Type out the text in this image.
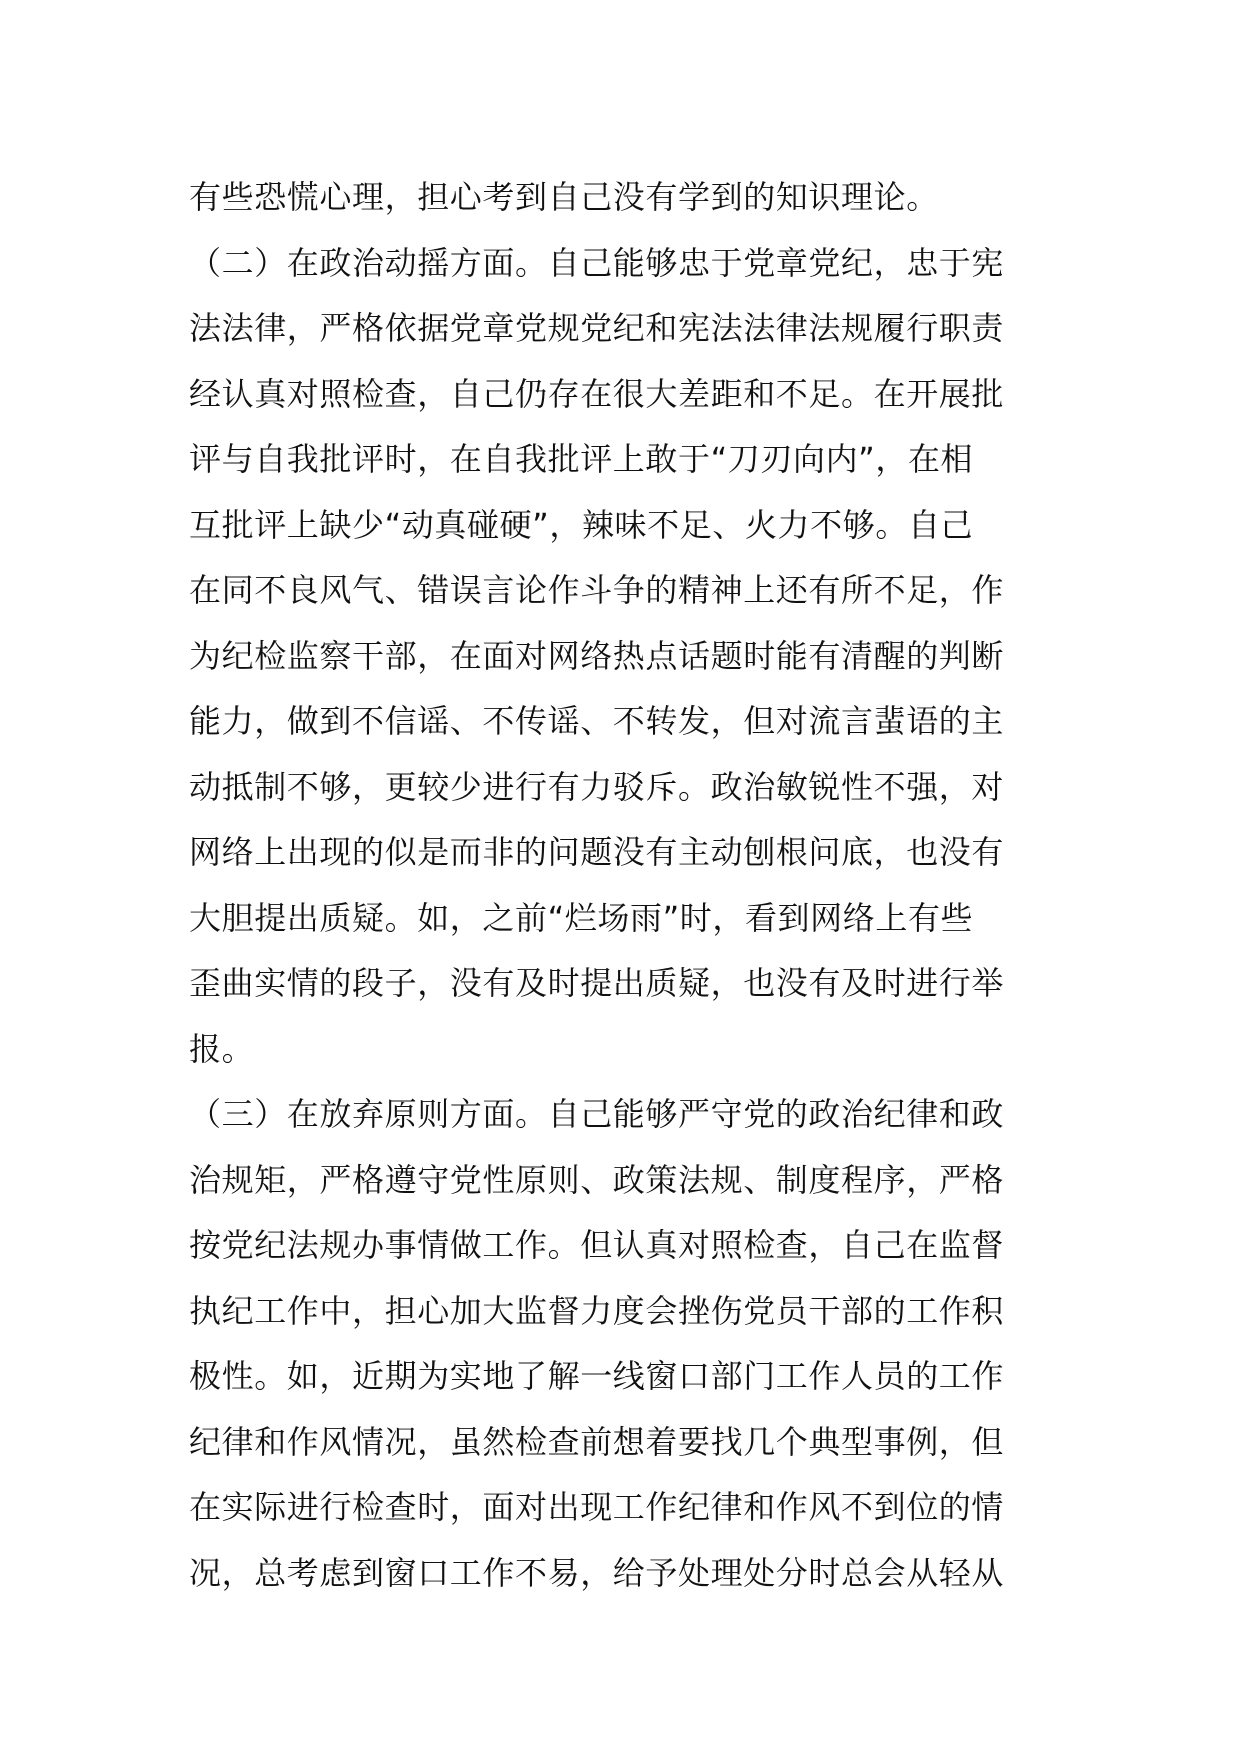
有些恐慌心理，担心考到自己没有学到的知识理论。
（二）在政治动摇方面。自己能够忠于党章党纪，忠于宪
法法律，严格依据党章党规党纪和宪法法律法规履行职责
经认真对照检查，自己仍存在很大差距和不足。在开展批
评与自我批评时，在自我批评上敢于“刀刃向内”，在相
互批评上缺少“动真碰硬”，辣味不足、火力不够。自己
在同不良风气、错误言论作斗争的精神上还有所不足，作
为纪检监察干部，在面对网络热点话题时能有清醒的判断
能力，做到不信谣、不传谣、不转发，但对流言蜚语的主
动抵制不够，更较少进行有力驳斥。政治敏锐性不强，对
网络上出现的似是而非的问题没有主动刨根问底，也没有
大胆提出质疑。如，之前“烂场雨”时，看到网络上有些
歪曲实情的段子，没有及时提出质疑，也没有及时进行举
报。
（三）在放弃原则方面。自己能够严守党的政治纪律和政
治规矩，严格遵守党性原则、政策法规、制度程序，严格
按党纪法规办事情做工作。但认真对照检查，自己在监督
执纪工作中，担心加大监督力度会挫伤党员干部的工作积
极性。如，近期为实地了解一线窗口部门工作人员的工作
纪律和作风情况，虽然检查前想着要找几个典型事例，但
在实际进行检查时，面对出现工作纪律和作风不到位的情
况，总考虑到窗口工作不易，给予处理处分时总会从轻从
